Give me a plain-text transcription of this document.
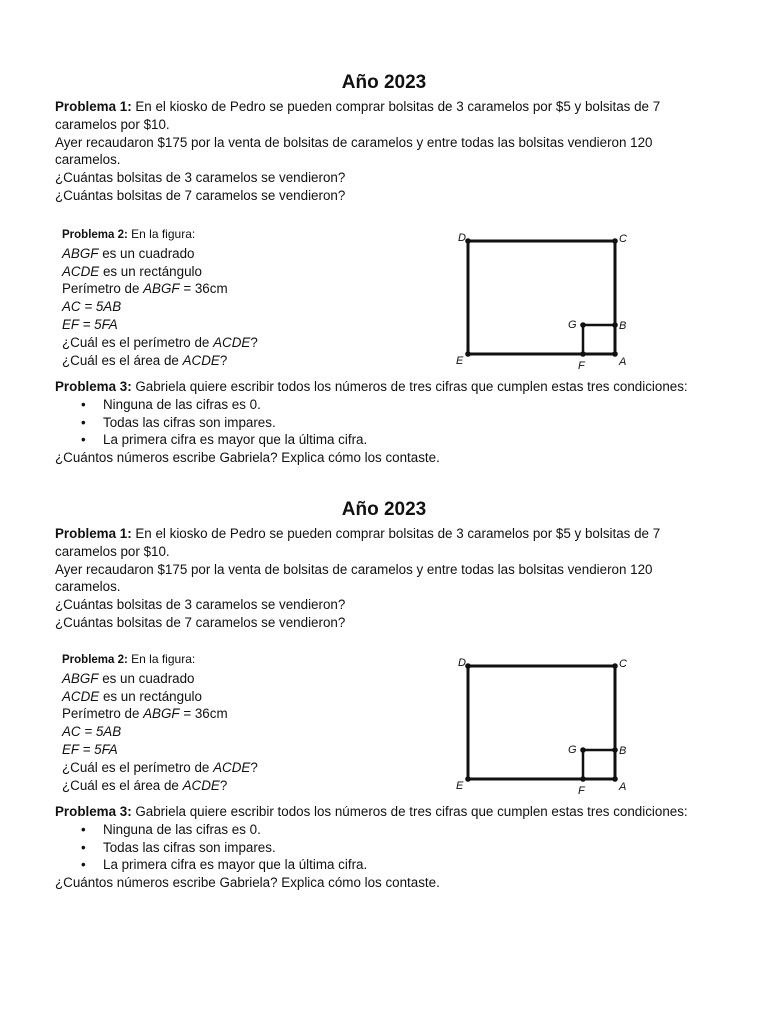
Año 2023

Problema 1: En el kiosko de Pedro se pueden comprar bolsitas de 3 caramelos por $5 y bolsitas de 7 caramelos por $10.

Ayer recaudaron $175 por la venta de bolsitas de caramelos y entre todas las bolsitas vendieron 120 caramelos.

¿Cuántas bolsitas de 3 caramelos se vendieron?

¿Cuántas bolsitas de 7 caramelos se vendieron?

Problema 2: En la figura:

ABGF es un cuadrado

ACDE es un rectángulo

Perímetro de ABGF = 36cm

AC = 5AB

EF = 5FA

¿Cuál es el perímetro de ACDE?

¿Cuál es el área de ACDE?

D	C
G	B
E	F	A

Problema 3: Gabriela quiere escribir todos los números de tres cifras que cumplen estas tres condiciones:

• Ninguna de las cifras es 0.
• Todas las cifras son impares.
• La primera cifra es mayor que la última cifra.

¿Cuántos números escribe Gabriela? Explica cómo los contaste.

Año 2023

Problema 1: En el kiosko de Pedro se pueden comprar bolsitas de 3 caramelos por $5 y bolsitas de 7 caramelos por $10.

Ayer recaudaron $175 por la venta de bolsitas de caramelos y entre todas las bolsitas vendieron 120 caramelos.

¿Cuántas bolsitas de 3 caramelos se vendieron?

¿Cuántas bolsitas de 7 caramelos se vendieron?

Problema 2: En la figura:

ABGF es un cuadrado

ACDE es un rectángulo

Perímetro de ABGF = 36cm

AC = 5AB

EF = 5FA

¿Cuál es el perímetro de ACDE?

¿Cuál es el área de ACDE?

D	C
G	B
E	F	A

Problema 3: Gabriela quiere escribir todos los números de tres cifras que cumplen estas tres condiciones:

• Ninguna de las cifras es 0.
• Todas las cifras son impares.
• La primera cifra es mayor que la última cifra.

¿Cuántos números escribe Gabriela? Explica cómo los contaste.
